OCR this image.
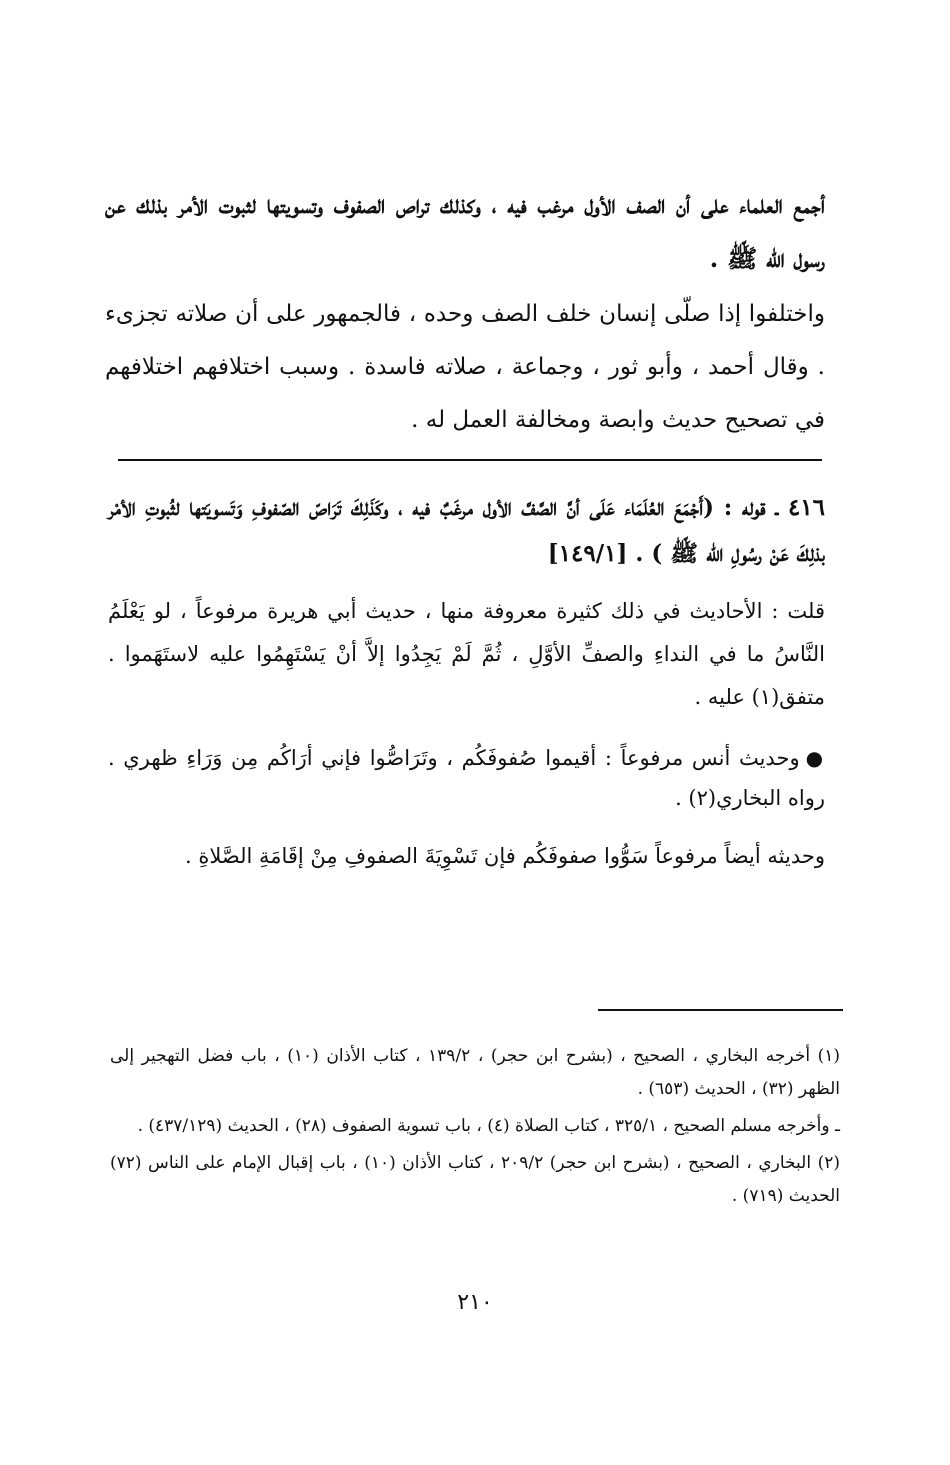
أجمع العلماء على أن الصف الأول مرغب فيه ، وكذلك تراص الصفوف وتسويتها لثبوت الأمر بذلك عن رسول الله ﷺ .

واختلفوا إذا صلّى إنسان خلف الصف وحده ، فالجمهور على أن صلاته تجزىء . وقال أحمد ، وأبو ثور ، وجماعة ، صلاته فاسدة . وسبب اختلافهم اختلافهم في تصحيح حديث وابصة ومخالفة العمل له .

٤١٦ ـ قوله : (أَجْمَعَ العُلَمَاء عَلَى أنَّ الصَّفَّ الأول مرغَبٌ فيه ، وكَذَلِكَ تَرَاصّ الصّفوفِ وَتَسويَتها لثُبوتِ الأمْر بذلِكَ عَنْ رسُولِ الله ﷺ ) . [١٤٩/١]

قلت : الأحاديث في ذلك كثيرة معروفة منها ، حديث أبي هريرة مرفوعاً ، لو يَعْلَمُ النَّاسُ ما في النداءِ والصفِّ الأوَّلِ ، ثُمَّ لَمْ يَجِدُوا إلاَّ أنْ يَسْتَهِمُوا عليه لاستَهَموا . متفق(١) عليه .

●وحديث أنس مرفوعاً : أقيموا صُفوفَكُم ، وتَرَاصُّوا فإني أرَاكُم مِن وَرَاءِ ظهري . رواه البخاري(٢) .

وحديثه أيضاً مرفوعاً سَوُّوا صفوفَكُم فإن تَسْوِيَةَ الصفوفِ مِنْ إقَامَةِ الصَّلاةِ .

(١) أخرجه البخاري ، الصحيح ، (بشرح ابن حجر) ، ١٣٩/٢ ، كتاب الأذان (١٠) ، باب فضل التهجير إلى الظهر (٣٢) ، الحديث (٦٥٣) .

ـ وأخرجه مسلم الصحيح ، ٣٢٥/١ ، كتاب الصلاة (٤) ، باب تسوية الصفوف (٢٨) ، الحديث (٤٣٧/١٢٩) .

(٢) البخاري ، الصحيح ، (بشرح ابن حجر) ٢٠٩/٢ ، كتاب الأذان (١٠) ، باب إقبال الإمام على الناس (٧٢) الحديث (٧١٩) .

٢١٠
